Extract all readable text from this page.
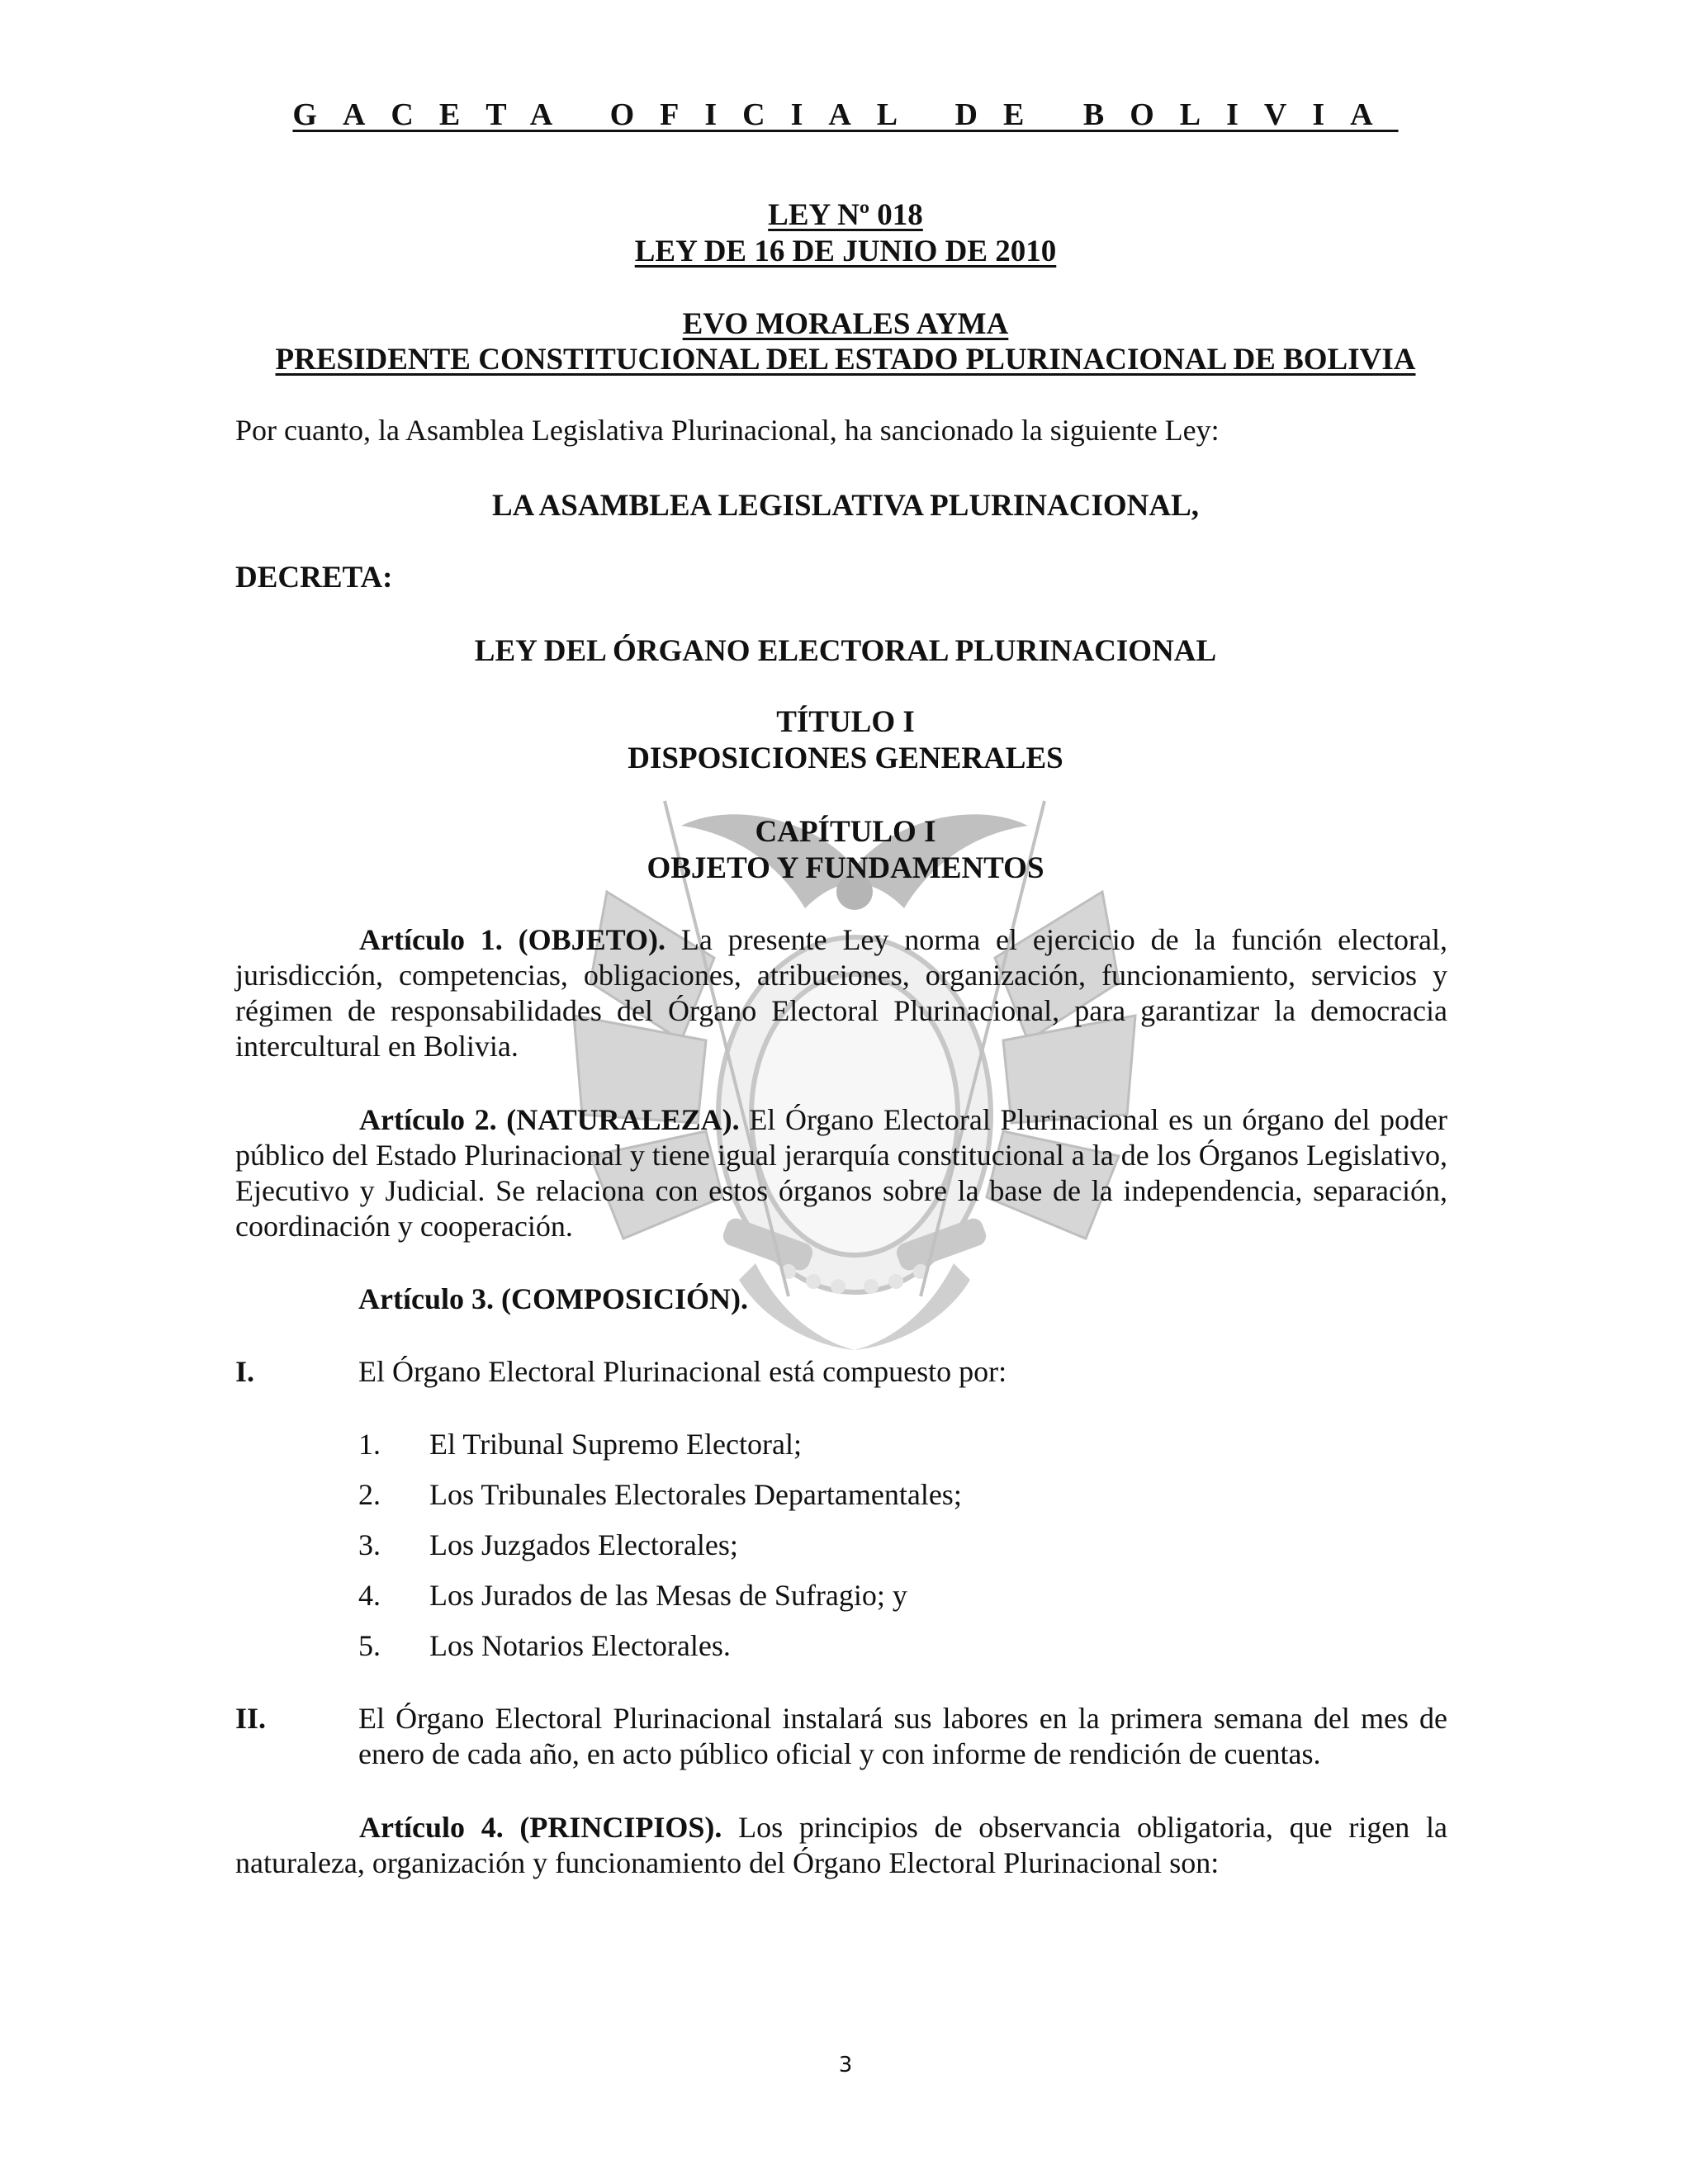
GACETA OFICIAL DE BOLIVIA
LEY Nº 018
LEY DE 16 DE JUNIO DE 2010
EVO MORALES AYMA
PRESIDENTE CONSTITUCIONAL DEL ESTADO PLURINACIONAL DE BOLIVIA
Por cuanto, la Asamblea Legislativa Plurinacional, ha sancionado la siguiente Ley:
LA ASAMBLEA LEGISLATIVA PLURINACIONAL,
DECRETA:
LEY DEL ÓRGANO ELECTORAL PLURINACIONAL
TÍTULO I
DISPOSICIONES GENERALES
CAPÍTULO I
OBJETO Y FUNDAMENTOS
Artículo 1. (OBJETO). La presente Ley norma el ejercicio de la función electoral, jurisdicción, competencias, obligaciones, atribuciones, organización, funcionamiento, servicios y régimen de responsabilidades del Órgano Electoral Plurinacional, para garantizar la democracia intercultural en Bolivia.
Artículo 2. (NATURALEZA). El Órgano Electoral Plurinacional es un órgano del poder público del Estado Plurinacional y tiene igual jerarquía constitucional a la de los Órganos Legislativo, Ejecutivo y Judicial. Se relaciona con estos órganos sobre la base de la independencia, separación, coordinación y cooperación.
Artículo 3. (COMPOSICIÓN).
I.	El Órgano Electoral Plurinacional está compuesto por:
1. El Tribunal Supremo Electoral;
2. Los Tribunales Electorales Departamentales;
3. Los Juzgados Electorales;
4. Los Jurados de las Mesas de Sufragio; y
5. Los Notarios Electorales.
II.	El Órgano Electoral Plurinacional instalará sus labores en la primera semana del mes de enero de cada año, en acto público oficial y con informe de rendición de cuentas.
Artículo 4. (PRINCIPIOS). Los principios de observancia obligatoria, que rigen la naturaleza, organización y funcionamiento del Órgano Electoral Plurinacional son:
3
